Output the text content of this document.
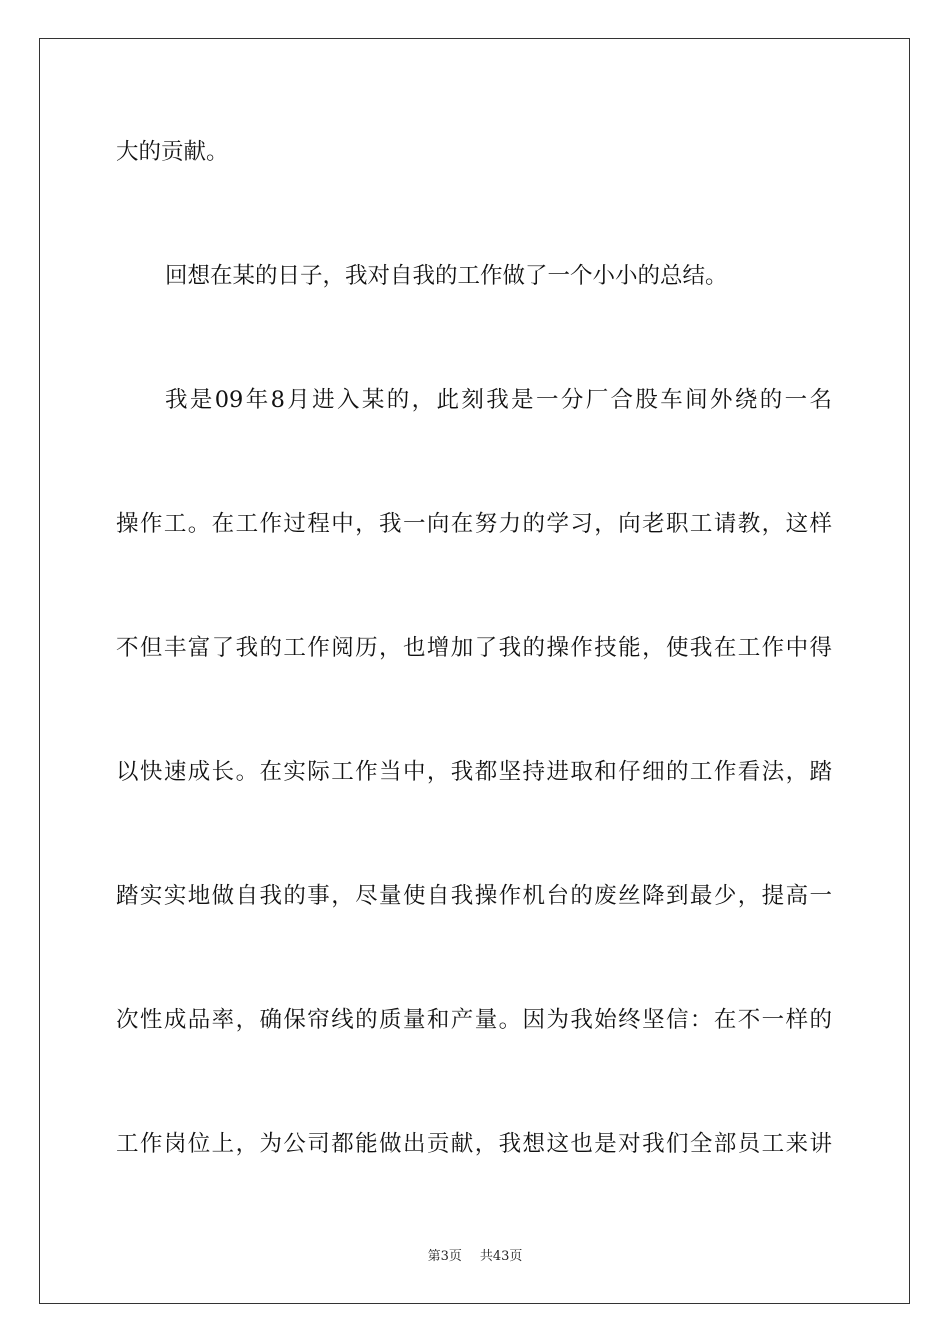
大的贡献。
回想在某的日子，我对自我的工作做了一个小小的总结。
我是09年8月进入某的，此刻我是一分厂合股车间外绕的一名
操作工。在工作过程中，我一向在努力的学习，向老职工请教，这样
不但丰富了我的工作阅历，也增加了我的操作技能，使我在工作中得
以快速成长。在实际工作当中，我都坚持进取和仔细的工作看法，踏
踏实实地做自我的事，尽量使自我操作机台的废丝降到最少，提高一
次性成品率，确保帘线的质量和产量。因为我始终坚信：在不一样的
工作岗位上，为公司都能做出贡献，我想这也是对我们全部员工来讲
第3页 共43页
